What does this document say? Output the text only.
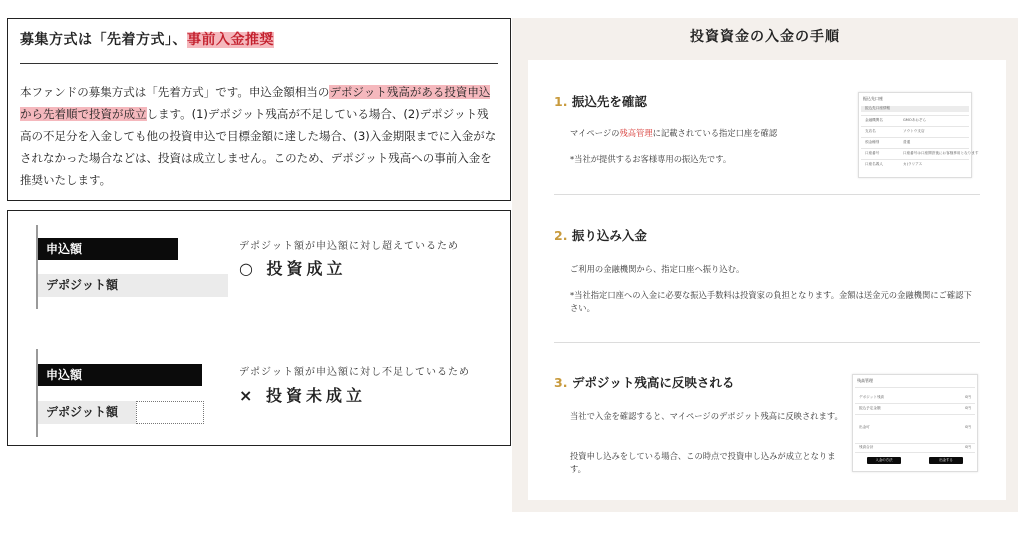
募集方式は「先着方式」、事前入金推奨
本ファンドの募集方式は「先着方式」です。申込金額相当のデポジット残高がある投資申込から先着順で投資が成立します。(1)デポジット残高が不足している場合、(2)デポジット残高の不足分を入金しても他の投資申込で目標金額に達した場合、(3)入金期限までに入金がなされなかった場合などは、投資は成立しません。このため、デポジット残高への事前入金を推奨いたします。
申込額
デポジット額
デポジット額が申込額に対し超えているため
○ 投資成立
申込額
デポジット額
デポジット額が申込額に対し不足しているため
× 投資未成立
投資資金の入金の手順
1. 振込先を確認
マイページの残高管理に記載されている指定口座を確認
*当社が提供するお客様専用の振込先です。
振込先口座
振込先口座情報
金融機関名	GMOあおぞら
支店名	ソウトウ支店
預金種別	普通
口座番号	口座番号は口座開設後にお客様専用となります
口座名義人	カ)ラリアス
2. 振り込み入金
ご利用の金融機関から、指定口座へ振り込む。
*当社指定口座への入金に必要な振込手数料は投資家の負担となります。金額は送金元の金融機関にご確認下さい。
3. デポジット残高に反映される
当社で入金を確認すると、マイページのデポジット残高に反映されます。
投資申し込みをしている場合、この時点で投資申し込みが成立となります。
残高管理
デポジット残高	0円
振込予定金額	0円
出金可	0円
残高合計	0円
入金の方法	出金する
